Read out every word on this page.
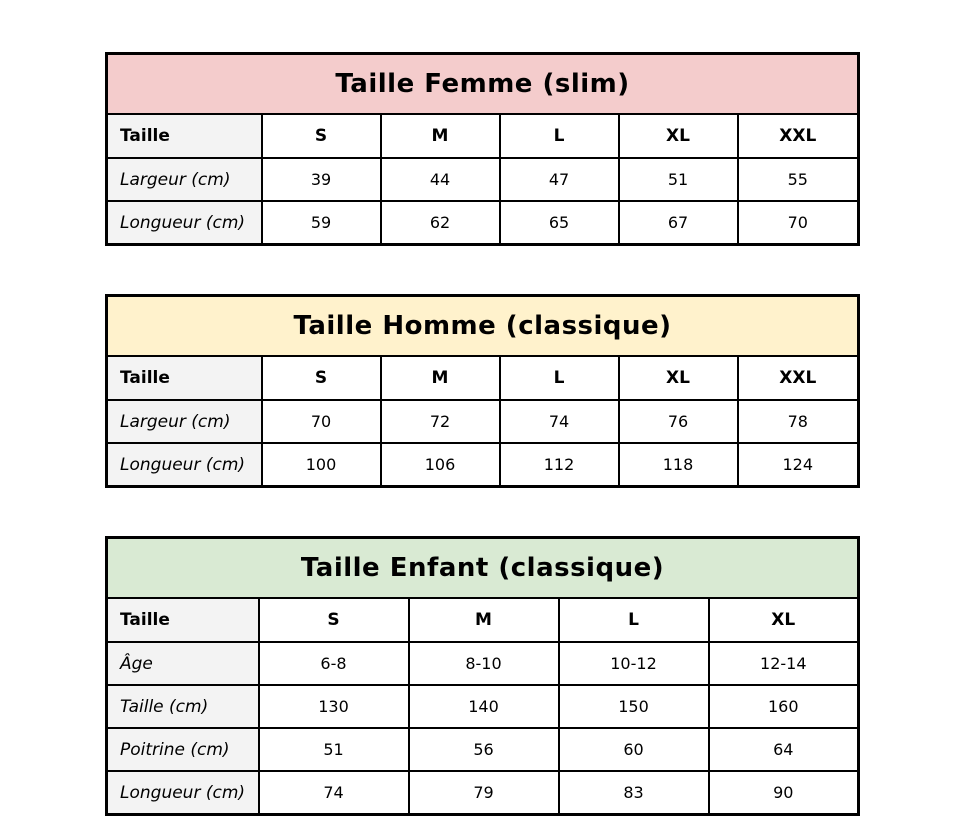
Taille Femme (slim)					
Taille	S	M	L	XL	XXL
Largeur (cm)	39	44	47	51	55
Longueur (cm)	59	62	65	67	70
Taille Homme (classique)					
Taille	S	M	L	XL	XXL
Largeur (cm)	70	72	74	76	78
Longueur (cm)	100	106	112	118	124
Taille Enfant (classique)				
Taille	S	M	L	XL
Âge	6-8	8-10	10-12	12-14
Taille (cm)	130	140	150	160
Poitrine (cm)	51	56	60	64
Longueur (cm)	74	79	83	90
